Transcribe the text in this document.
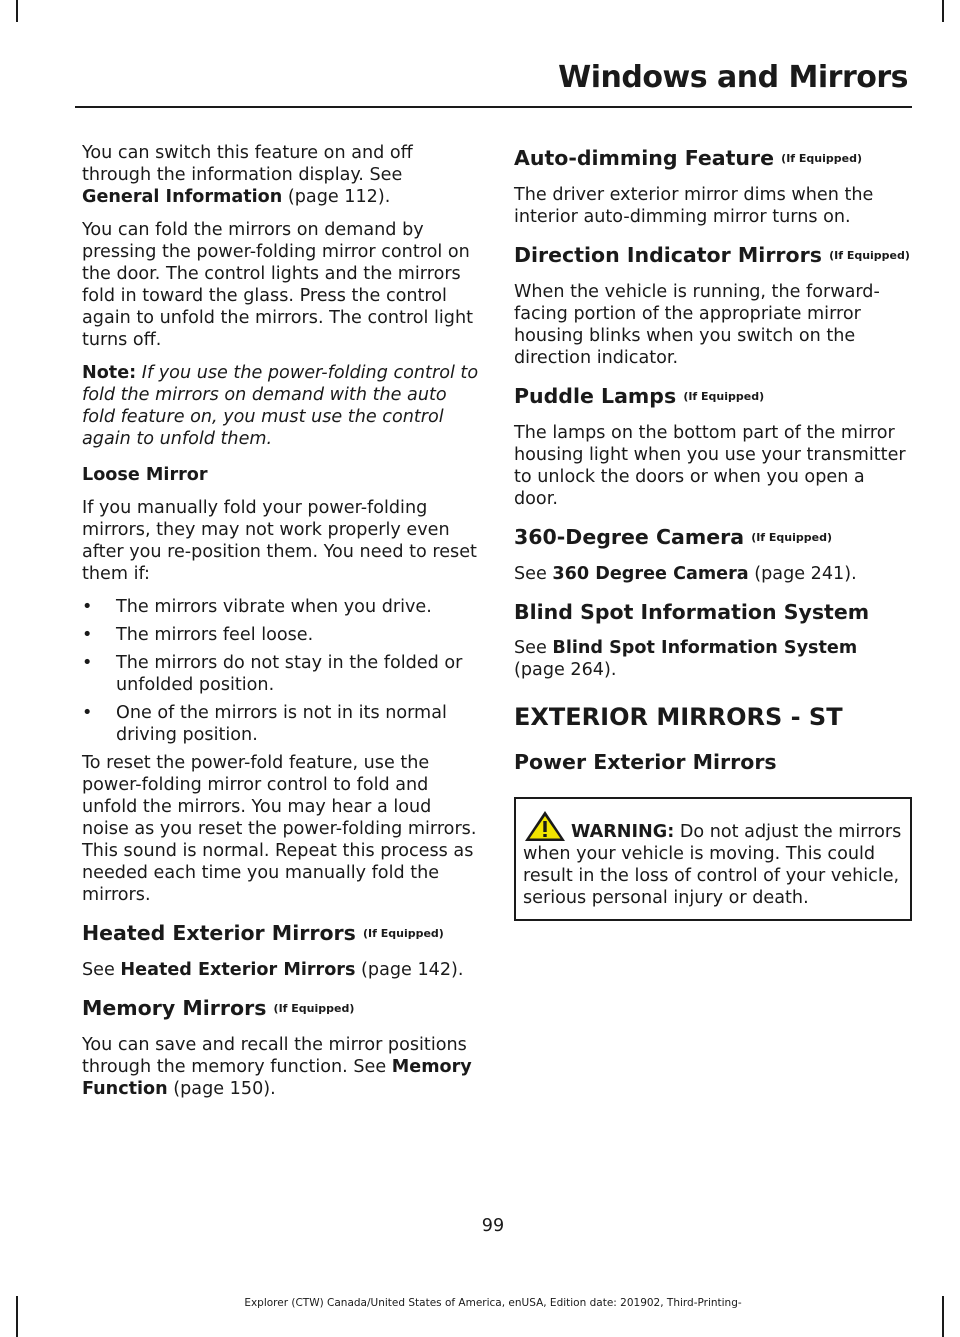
Windows and Mirrors

You can switch this feature on and off through the information display. See General Information (page 112).

You can fold the mirrors on demand by pressing the power-folding mirror control on the door. The control lights and the mirrors fold in toward the glass. Press the control again to unfold the mirrors. The control light turns off.

Note: If you use the power-folding control to fold the mirrors on demand with the auto fold feature on, you must use the control again to unfold them.

Loose Mirror

If you manually fold your power-folding mirrors, they may not work properly even after you re-position them. You need to reset them if:

• The mirrors vibrate when you drive.
• The mirrors feel loose.
• The mirrors do not stay in the folded or unfolded position.
• One of the mirrors is not in its normal driving position.

To reset the power-fold feature, use the power-folding mirror control to fold and unfold the mirrors. You may hear a loud noise as you reset the power-folding mirrors. This sound is normal. Repeat this process as needed each time you manually fold the mirrors.

Heated Exterior Mirrors (If Equipped)

See Heated Exterior Mirrors (page 142).

Memory Mirrors (If Equipped)

You can save and recall the mirror positions through the memory function. See Memory Function (page 150).

Auto-dimming Feature (If Equipped)

The driver exterior mirror dims when the interior auto-dimming mirror turns on.

Direction Indicator Mirrors (If Equipped)

When the vehicle is running, the forward-facing portion of the appropriate mirror housing blinks when you switch on the direction indicator.

Puddle Lamps (If Equipped)

The lamps on the bottom part of the mirror housing light when you use your transmitter to unlock the doors or when you open a door.

360-Degree Camera (If Equipped)

See 360 Degree Camera (page 241).

Blind Spot Information System

See Blind Spot Information System (page 264).

EXTERIOR MIRRORS - ST
Power Exterior Mirrors

WARNING: Do not adjust the mirrors when your vehicle is moving. This could result in the loss of control of your vehicle, serious personal injury or death.

99
Explorer (CTW) Canada/United States of America, enUSA, Edition date: 201902, Third-Printing-
